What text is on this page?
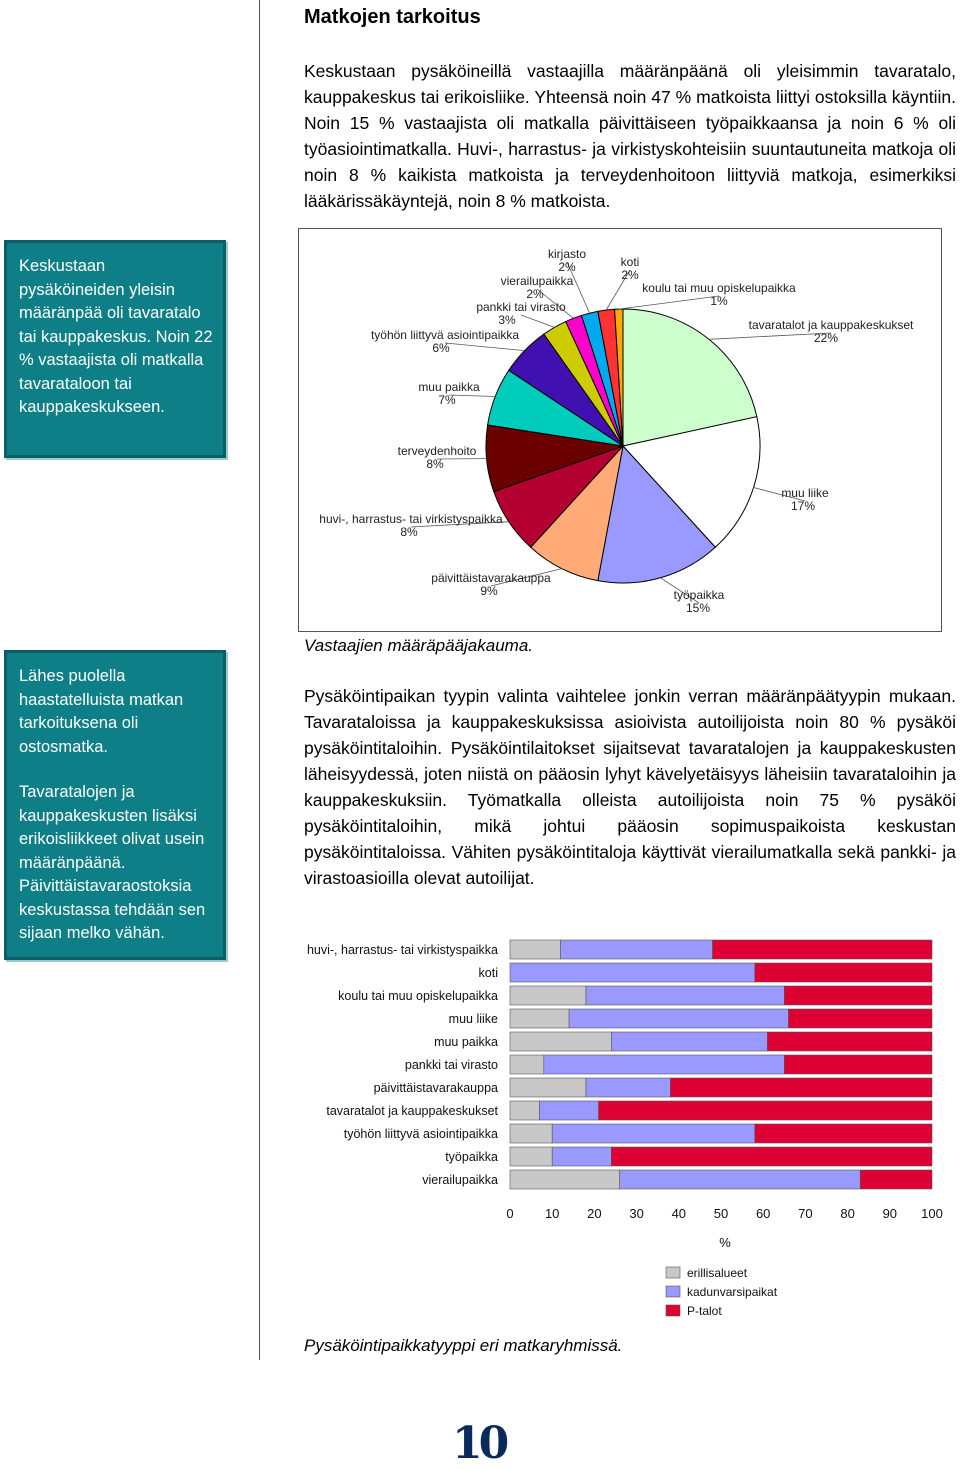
Matkojen tarkoitus

Keskustaan pysäköineillä vastaajilla määränpäänä oli yleisimmin tavaratalo, kauppakeskus tai erikoisliike. Yhteensä noin 47 % matkoista liittyi ostoksilla käyntiin. Noin 15 % vastaajista oli matkalla päivittäiseen työpaikkaansa ja noin 6 % oli työasiointimatkalla. Huvi-, harrastus- ja virkistyskohteisiin suuntautuneita matkoja oli noin 8 % kaikista matkoista ja terveydenhoitoon liittyviä matkoja, esimerkiksi lääkärissäkäyntejä, noin 8 % matkoista.

Keskustaan pysäköineiden yleisin määränpää oli tavaratalo tai kauppakeskus. Noin 22 % vastaajista oli matkalla tavarataloon tai kauppakeskukseen.

tavaratalot ja kauppakeskukset
22%
muu liike
17%
työpaikka
15%
päivittäistavarakauppa
9%
huvi-, harrastus- tai virkistyspaikka
8%
terveydenhoito
8%
muu paikka
7%
työhön liittyvä asiointipaikka
6%
pankki tai virasto
3%
vierailupaikka
2%
kirjasto
2%	koti
2%
koulu tai muu opiskelupaikka
1%

Vastaajien määräpääjakauma.

Lähes puolella haastatelluista matkan tarkoituksena oli ostosmatka.

Tavaratalojen ja kauppakeskusten lisäksi erikoisliikkeet olivat usein määränpäänä. Päivittäistavaraostoksia keskustassa tehdään sen sijaan melko vähän.

Pysäköintipaikan tyypin valinta vaihtelee jonkin verran määränpäätyypin mukaan. Tavarataloissa ja kauppakeskuksissa asioivista autoilijoista noin 80 % pysäköi pysäköintitaloihin. Pysäköintilaitokset sijaitsevat tavaratalojen ja kauppakeskusten läheisyydessä, joten niistä on pääosin lyhyt kävelyetäisyys läheisiin tavarataloihin ja kauppakeskuksiin. Työmatkalla olleista autoilijoista noin 75 % pysäköi pysäköintitaloihin, mikä johtui pääosin sopimuspaikoista keskustan pysäköintitaloissa. Vähiten pysäköintitaloja käyttivät vierailumatkalla sekä pankki- ja virastoasioilla olevat autoilijat.

huvi-, harrastus- tai virkistyspaikka
koti
koulu tai muu opiskelupaikka
muu liike
muu paikka
pankki tai virasto
päivittäistavarakauppa
tavaratalot ja kauppakeskukset
työhön liittyvä asiointipaikka
työpaikka
vierailupaikka
0 10 20 30 40 50 60 70 80 90 100
%
erillisalueet
kadunvarsipaikat
P-talot

Pysäköintipaikkatyyppi eri matkaryhmissä.

10
